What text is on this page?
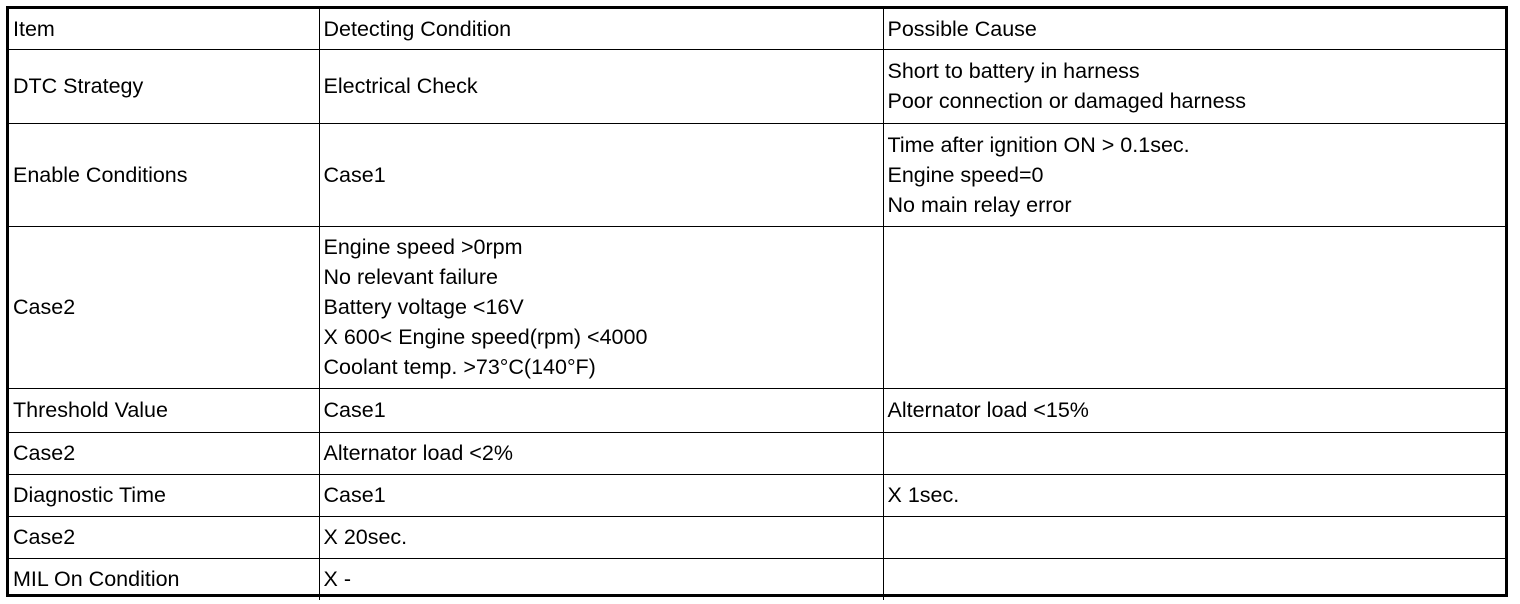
Item	Detecting Condition	Possible Cause
DTC Strategy	Electrical Check	Short to battery in harness
Poor connection or damaged harness

Enable Conditions	Case1	Time after ignition ON > 0.1sec.
Engine speed=0
No main relay error

Case2	Engine speed >0rpm
No relevant failure
Battery voltage <16V
X 600< Engine speed(rpm) <4000
Coolant temp. >73°C(140°F)	

Threshold Value	Case1	Alternator load <15%

Case2	Alternator load <2%	

Diagnostic Time	Case1	X 1sec.

Case2	X 20sec.	

MIL On Condition	X -	
